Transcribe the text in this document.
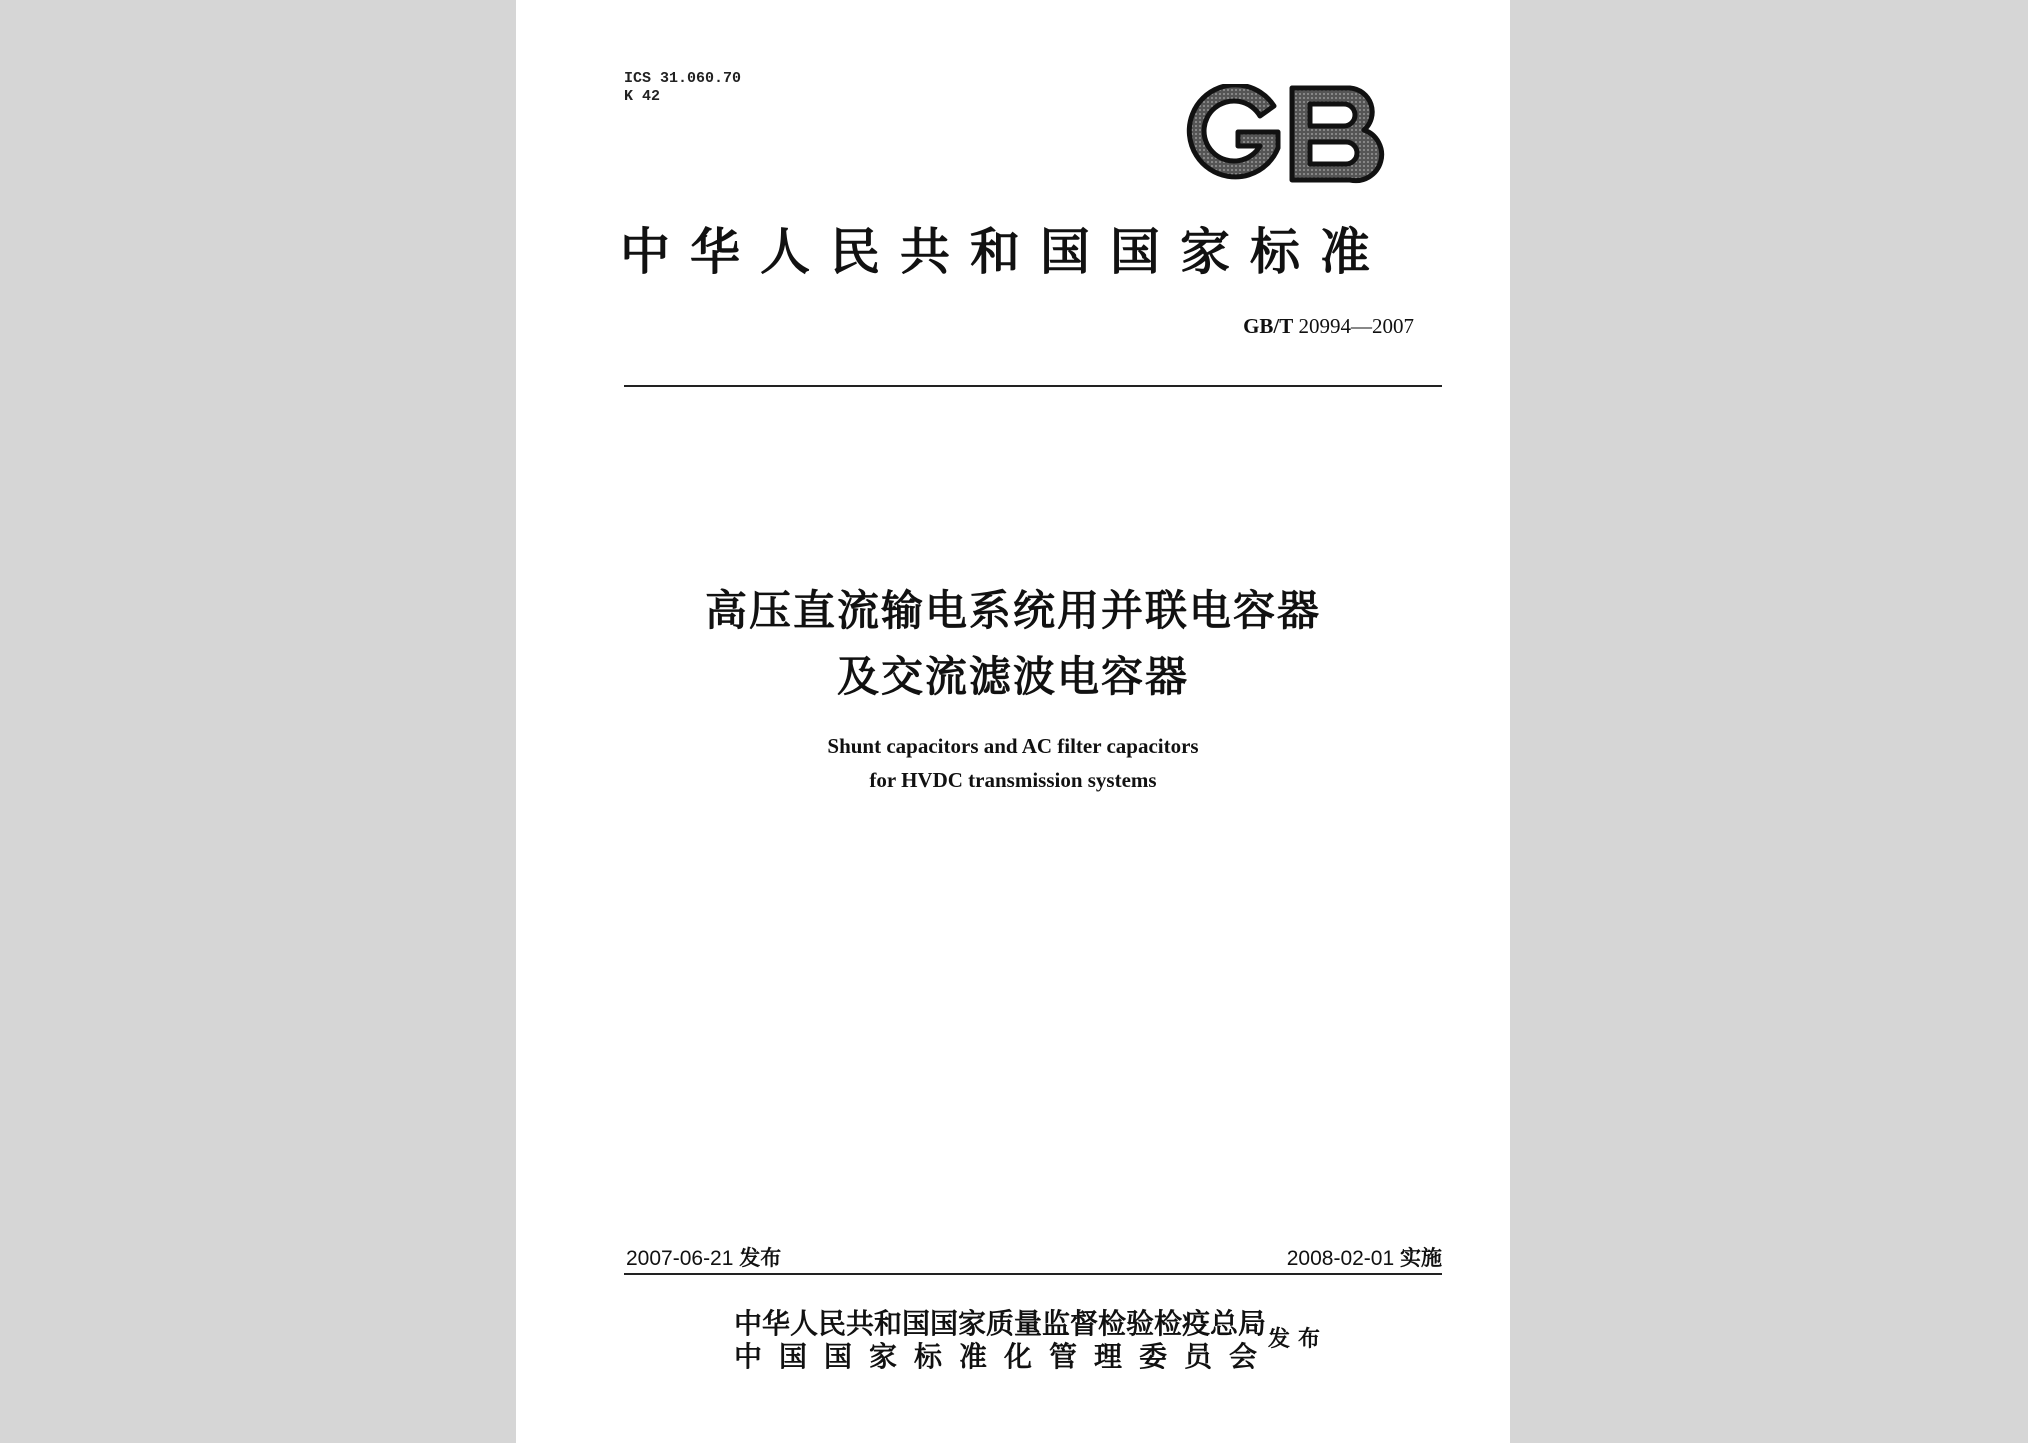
ICS 31.060.70
K 42
中华人民共和国国家标准
GB/T 20994—2007
高压直流输电系统用并联电容器
及交流滤波电容器
Shunt capacitors and AC filter capacitors
for HVDC transmission systems
2007-06-21 发布	2008-02-01 实施
中华人民共和国国家质量监督检验检疫总局
中国国家标准化管理委员会
发布
